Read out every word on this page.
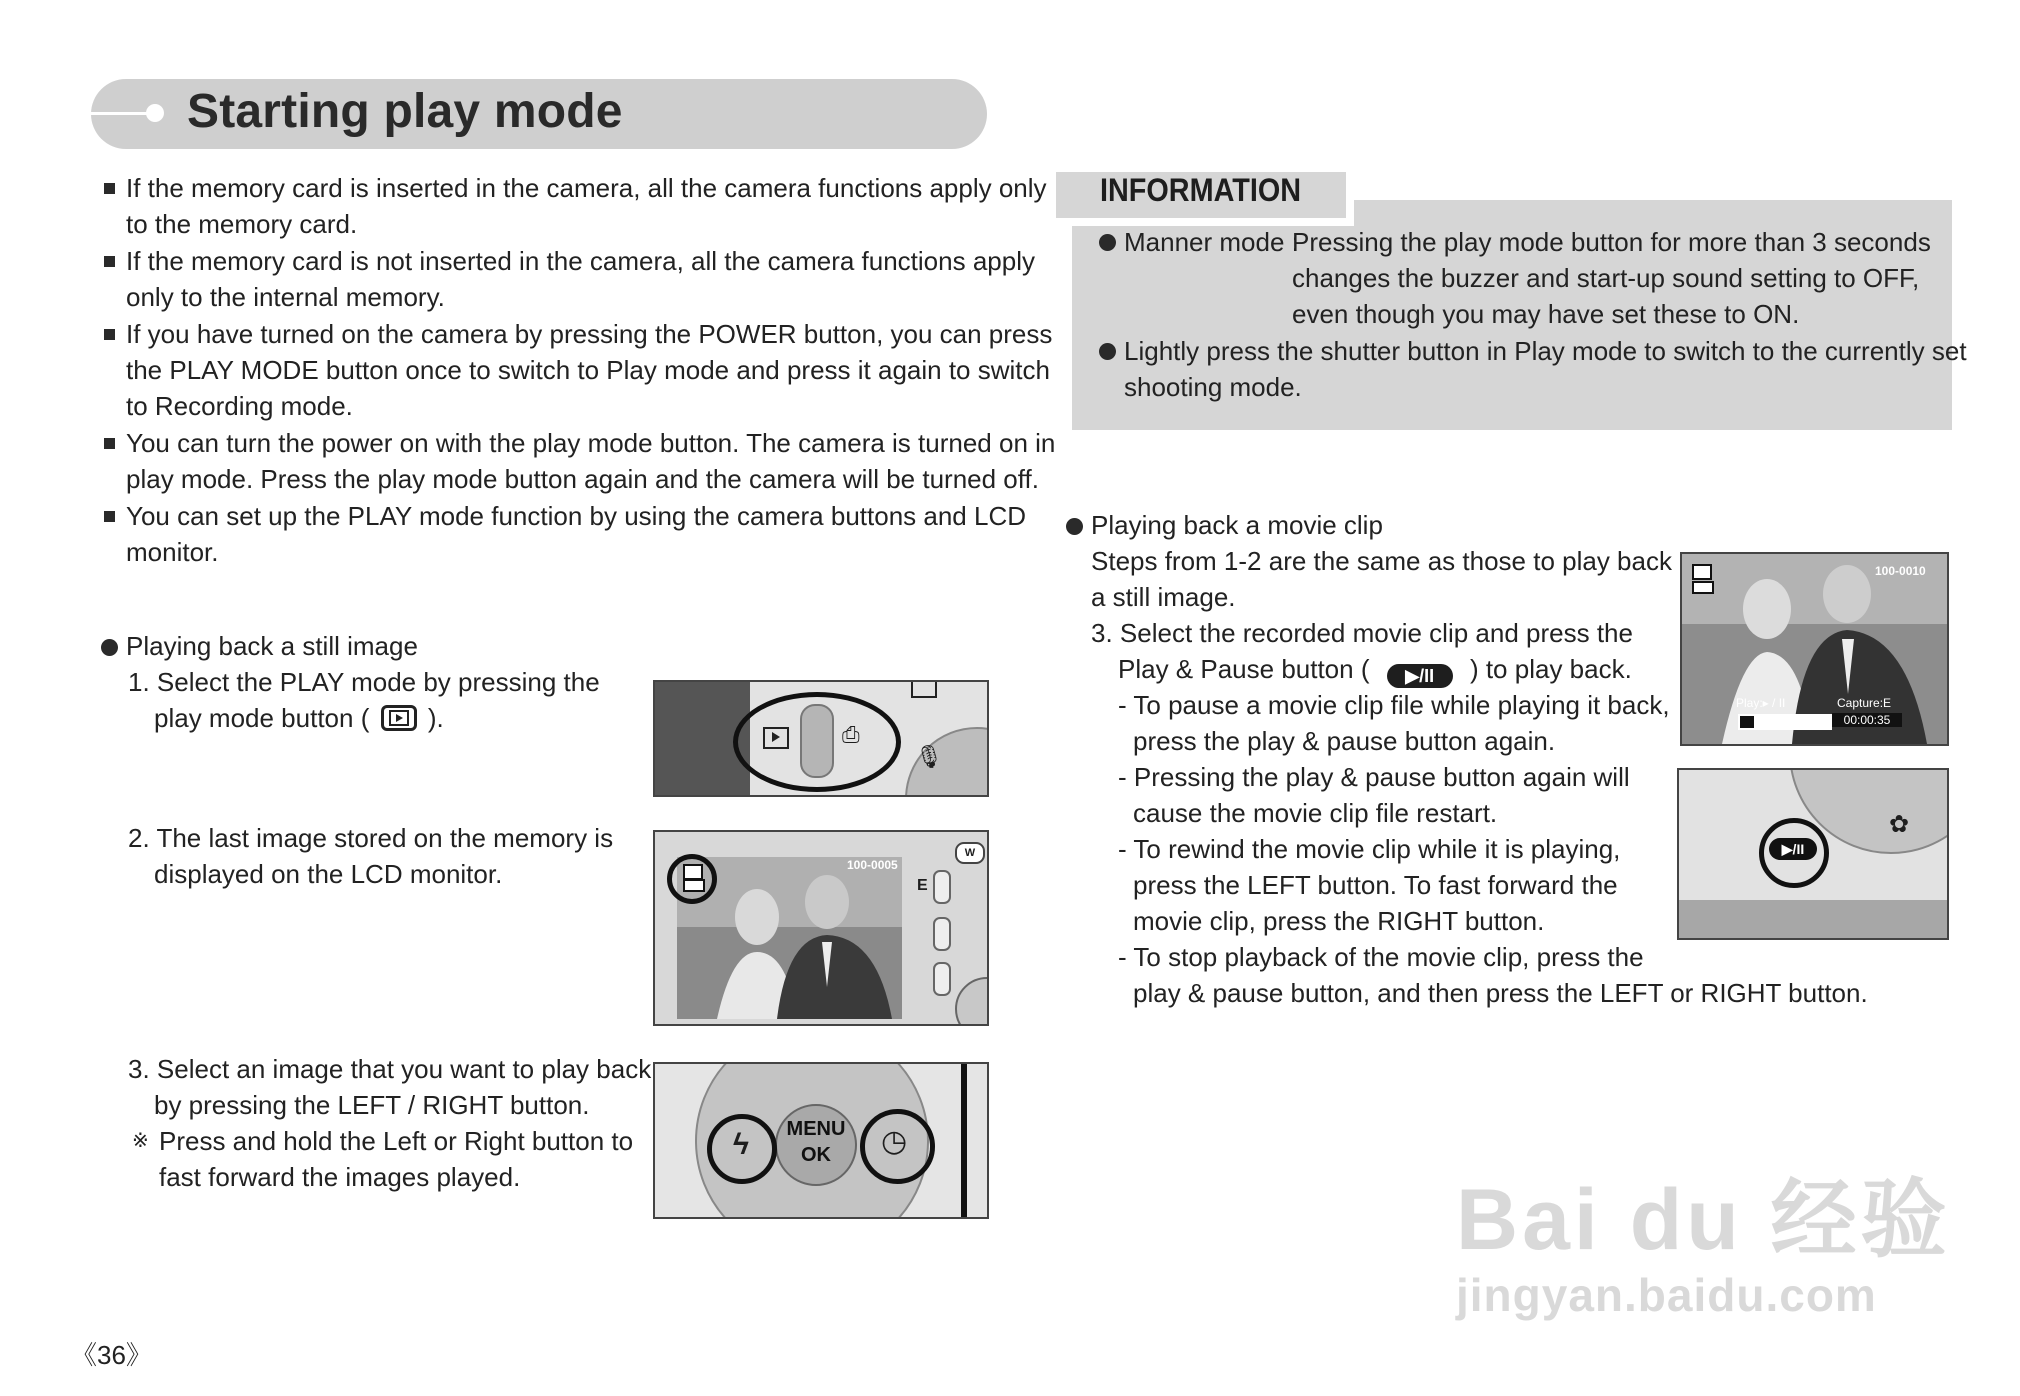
Starting play mode
If the memory card is inserted in the camera, all the camera functions apply only
to the memory card.
If the memory card is not inserted in the camera, all the camera functions apply
only to the internal memory.
If you have turned on the camera by pressing the POWER button, you can press
the PLAY MODE button once to switch to Play mode and press it again to switch
to Recording mode.
You can turn the power on with the play mode button. The camera is turned on in
play mode. Press the play mode button again and the camera will be turned off.
You can set up the PLAY mode function by using the camera buttons and LCD
monitor.
Playing back a still image
1. Select the PLAY mode by pressing the
play mode button ( ).
⎙
🎙
2. The last image stored on the memory is
displayed on the LCD monitor.	100-0005
E
W
3. Select an image that you want to play back
by pressing the LEFT / RIGHT button.
※ Press and hold the Left or Right button to
fast forward the images played.
MENU
OK
ϟ	◷
INFORMATION
Manner mode :
Pressing the play mode button for more than 3 seconds
changes the buzzer and start-up sound setting to OFF,
even though you may have set these to ON.
Lightly press the shutter button in Play mode to switch to the currently set
shooting mode.
Playing back a movie clip
Steps from 1-2 are the same as those to play back
a still image.
3. Select the recorded movie clip and press the
Play & Pause button ( ▶/II ) to play back.
- To pause a movie clip file while playing it back,
press the play & pause button again.
- Pressing the play & pause button again will
cause the movie clip file restart.
- To rewind the movie clip while it is playing,
press the LEFT button. To fast forward the
movie clip, press the RIGHT button.
- To stop playback of the movie clip, press the
play & pause button, and then press the LEFT or RIGHT button.
100-0010
Play:▸ / II	Capture:E
00:00:35
✿
▶/II
《36》
Bai du 经验
jingyan.baidu.com
